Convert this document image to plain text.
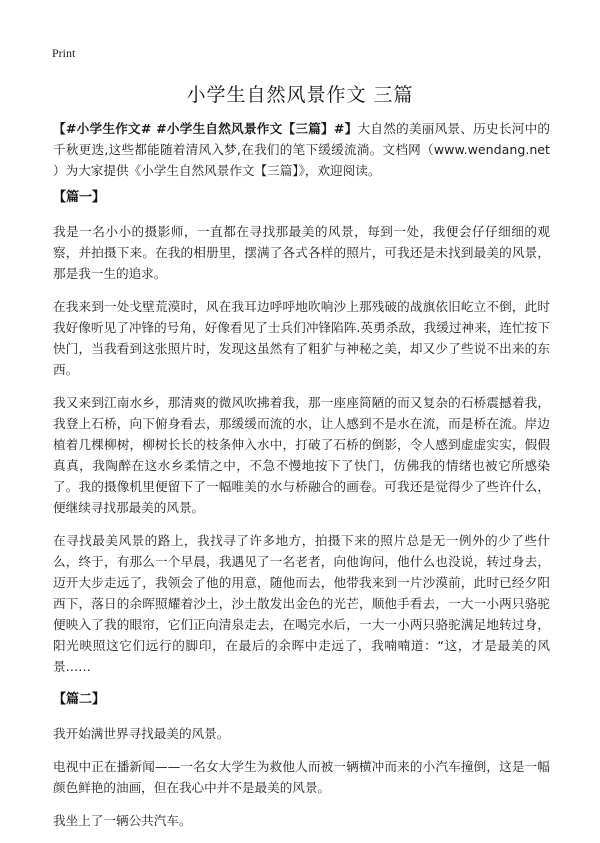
Print
小学生自然风景作文 三篇

【#小学生作文# #小学生自然风景作文【三篇】#】大自然的美丽风景、历史长河中的千秋更迭,这些都能随着清风入梦,在我们的笔下缓缓流淌。文档网（www.wendang.net ）为大家提供《小学生自然风景作文【三篇】》，欢迎阅读。

【篇一】

我是一名小小的摄影师，一直都在寻找那最美的风景，每到一处，我便会仔仔细细的观察，并拍摄下来。在我的相册里，摆满了各式各样的照片，可我还是未找到最美的风景，那是我一生的追求。

在我来到一处戈壁荒漠时，风在我耳边呼呼地吹响沙上那残破的战旗依旧屹立不倒，此时我好像听见了冲锋的号角，好像看见了士兵们冲锋陷阵.英勇杀敌，我缓过神来，连忙按下快门，当我看到这张照片时，发现这虽然有了粗犷与神秘之美，却又少了些说不出来的东西。

我又来到江南水乡，那清爽的微风吹拂着我，那一座座简陋的而又复杂的石桥震撼着我，我登上石桥，向下俯身看去，那缓缓而流的水，让人感到不是水在流，而是桥在流。岸边植着几棵柳树，柳树长长的枝条伸入水中，打破了石桥的倒影，令人感到虚虚实实，假假真真，我陶醉在这水乡柔情之中，不急不慢地按下了快门，仿佛我的情绪也被它所感染了。我的摄像机里便留下了一幅唯美的水与桥融合的画卷。可我还是觉得少了些许什么，便继续寻找那最美的风景。

在寻找最美风景的路上，我找寻了许多地方，拍摄下来的照片总是无一例外的少了些什么，终于，有那么一个早晨，我遇见了一名老者，向他询问，他什么也没说，转过身去，迈开大步走远了，我领会了他的用意，随他而去，他带我来到一片沙漠前，此时已经夕阳西下，落日的余晖照耀着沙土，沙土散发出金色的光芒，顺他手看去，一大一小两只骆驼便映入了我的眼帘，它们正向清泉走去，在喝完水后，一大一小两只骆驼满足地转过身，阳光映照这它们远行的脚印，在最后的余晖中走远了，我喃喃道：“这，才是最美的风景……

【篇二】

我开始满世界寻找最美的风景。

电视中正在播新闻——一名女大学生为救他人而被一辆横冲而来的小汽车撞倒，这是一幅颜色鲜艳的油画，但在我心中并不是最美的风景。

我坐上了一辆公共汽车。
